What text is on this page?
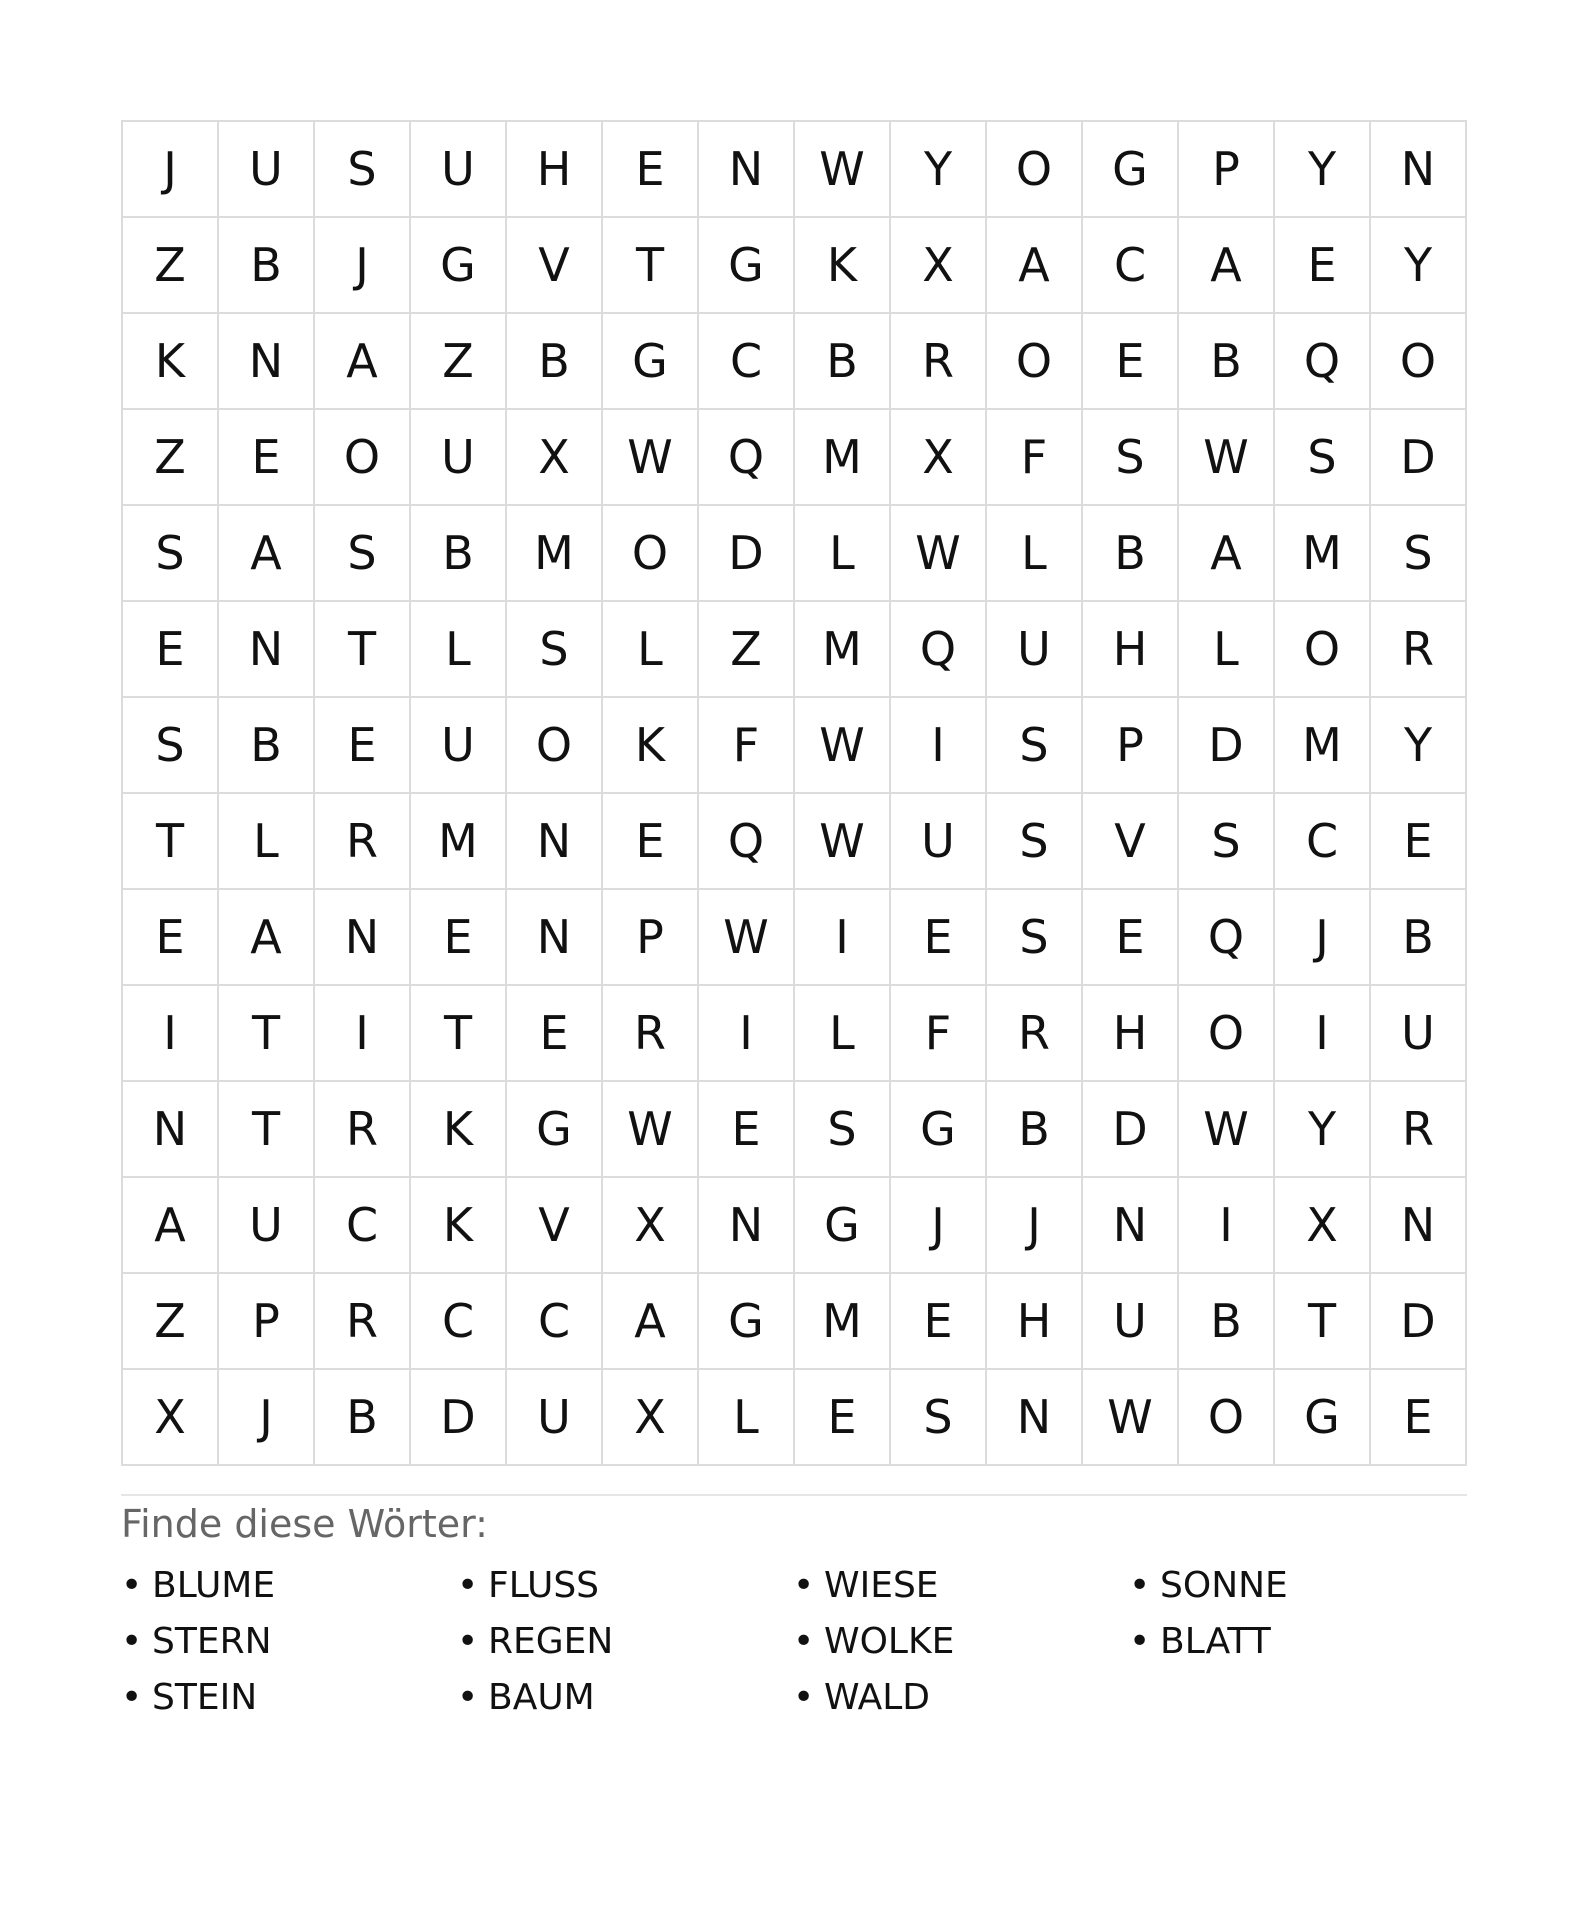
J	U	S	U	H	E	N	W	Y	O	G	P	Y	N
Z	B	J	G	V	T	G	K	X	A	C	A	E	Y
K	N	A	Z	B	G	C	B	R	O	E	B	Q	O
Z	E	O	U	X	W	Q	M	X	F	S	W	S	D
S	A	S	B	M	O	D	L	W	L	B	A	M	S
E	N	T	L	S	L	Z	M	Q	U	H	L	O	R
S	B	E	U	O	K	F	W	I	S	P	D	M	Y
T	L	R	M	N	E	Q	W	U	S	V	S	C	E
E	A	N	E	N	P	W	I	E	S	E	Q	J	B
I	T	I	T	E	R	I	L	F	R	H	O	I	U
N	T	R	K	G	W	E	S	G	B	D	W	Y	R
A	U	C	K	V	X	N	G	J	J	N	I	X	N
Z	P	R	C	C	A	G	M	E	H	U	B	T	D
X	J	B	D	U	X	L	E	S	N	W	O	G	E
Finde diese Wörter:
• BLUME	• FLUSS	• WIESE	• SONNE
• STERN	• REGEN	• WOLKE	• BLATT
• STEIN	• BAUM	• WALD
